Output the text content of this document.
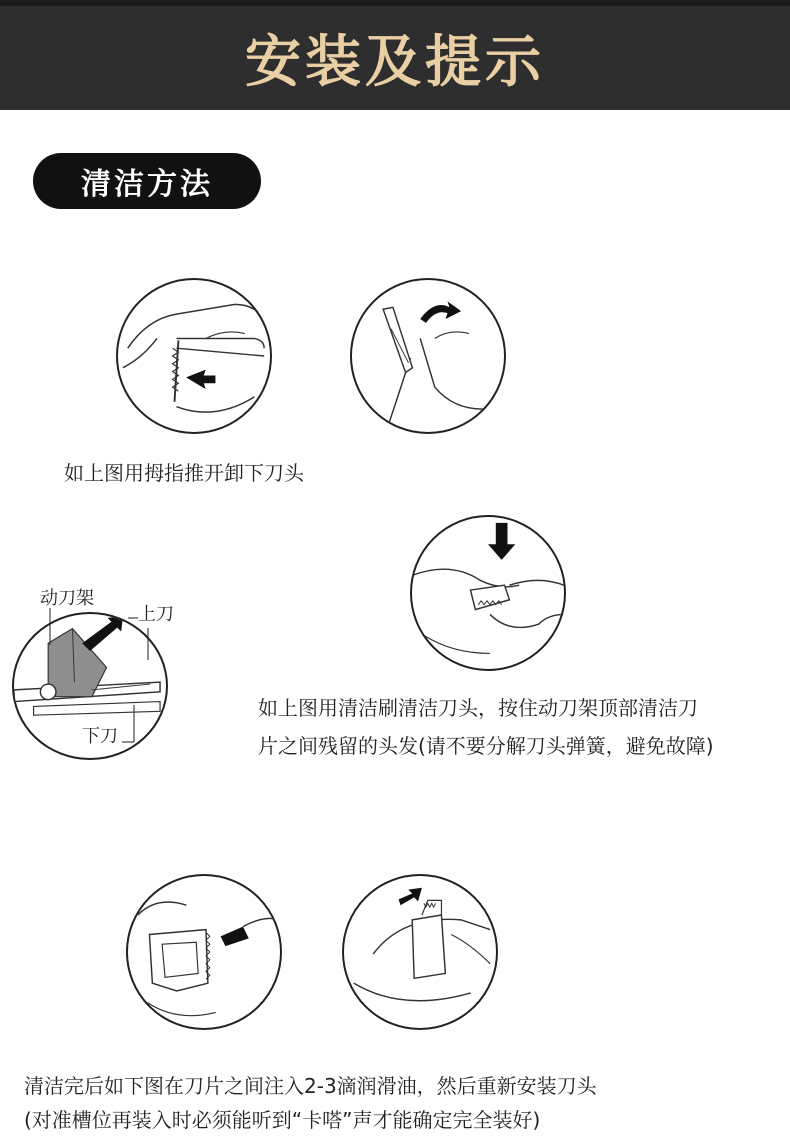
安装及提示
清洁方法
如上图用拇指推开卸下刀头
动刀架
上刀
下刀
如上图用清洁刷清洁刀头，按住动刀架顶部清洁刀
片之间残留的头发(请不要分解刀头弹簧，避免故障)
清洁完后如下图在刀片之间注入2-3滴润滑油，然后重新安装刀头
(对准槽位再装入时必须能听到“卡嗒”声才能确定完全装好)
